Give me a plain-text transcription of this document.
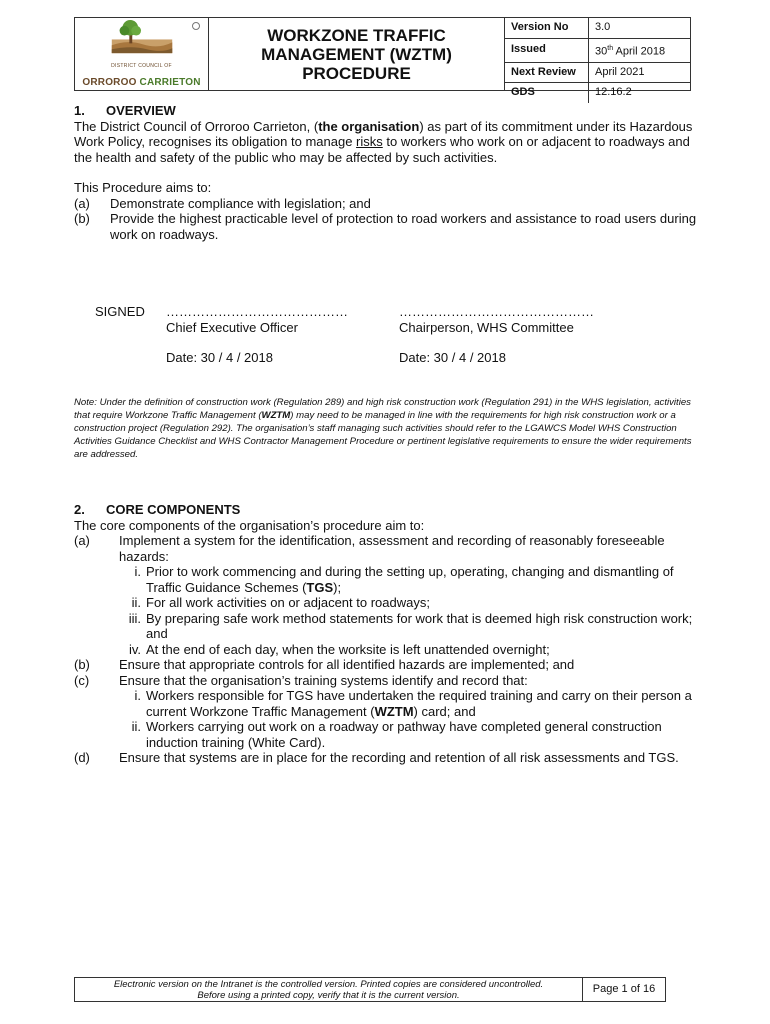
DISTRICT COUNCIL OF
ORROROO CARRIETON
WORKZONE TRAFFIC MANAGEMENT (WZTM) PROCEDURE
Version No	3.0
Issued	30th April 2018
Next Review	April 2021
GDS	12.16.2
1. OVERVIEW

The District Council of Orroroo Carrieton, (the organisation) as part of its commitment under its Hazardous Work Policy, recognises its obligation to manage risks to workers who work on or adjacent to roadways and the health and safety of the public who may be affected by such activities.

This Procedure aims to:

(a)	Demonstrate compliance with legislation; and
(b)	Provide the highest practicable level of protection to road workers and assistance to road users during work on roadways.
SIGNED	……………………………………
Chief Executive Officer
Date: 30 / 4 / 2018
………………………………………
Chairperson, WHS Committee
Date: 30 / 4 / 2018
Note: Under the definition of construction work (Regulation 289) and high risk construction work (Regulation 291) in the WHS legislation, activities that require Workzone Traffic Management (WZTM) may need to be managed in line with the requirements for high risk construction work or a construction project (Regulation 292). The organisation’s staff managing such activities should refer to the LGAWCS Model WHS Construction Activities Guidance Checklist and WHS Contractor Management Procedure or pertinent legislative requirements to ensure the wider requirements are addressed.
2. CORE COMPONENTS

The core components of the organisation’s procedure aim to:

(a)	Implement a system for the identification, assessment and recording of reasonably foreseeable hazards:
i. Prior to work commencing and during the setting up, operating, changing and dismantling of Traffic Guidance Schemes (TGS);
ii. For all work activities on or adjacent to roadways;
iii. By preparing safe work method statements for work that is deemed high risk construction work; and
iv. At the end of each day, when the worksite is left unattended overnight;
(b)	Ensure that appropriate controls for all identified hazards are implemented; and
(c)	Ensure that the organisation’s training systems identify and record that:
i. Workers responsible for TGS have undertaken the required training and carry on their person a current Workzone Traffic Management (WZTM) card; and
ii. Workers carrying out work on a roadway or pathway have completed general construction induction training (White Card).
(d)	Ensure that systems are in place for the recording and retention of all risk assessments and TGS.
Electronic version on the Intranet is the controlled version. Printed copies are considered uncontrolled.
Before using a printed copy, verify that it is the current version.
Page 1 of 16
